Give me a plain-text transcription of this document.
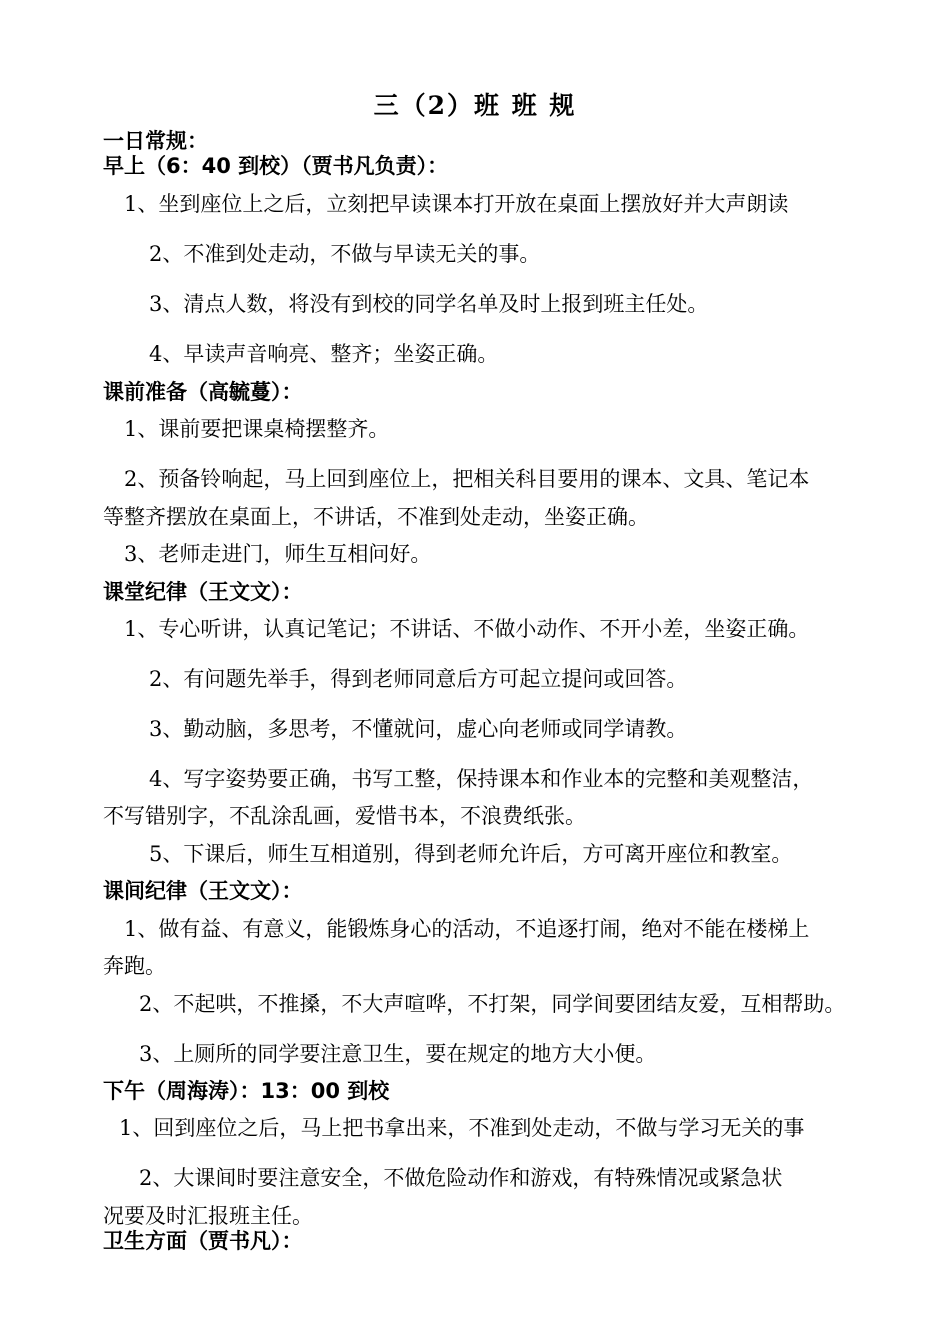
三（2）班 班 规

一日常规：

早上（6：40 到校）（贾书凡负责）：

1、坐到座位上之后，立刻把早读课本打开放在桌面上摆放好并大声朗读

2、不准到处走动，不做与早读无关的事。

3、清点人数，将没有到校的同学名单及时上报到班主任处。

4、早读声音响亮、整齐；坐姿正确。

课前准备（高毓蔓）：

1、课前要把课桌椅摆整齐。

2、预备铃响起，马上回到座位上，把相关科目要用的课本、文具、笔记本

等整齐摆放在桌面上，不讲话，不准到处走动，坐姿正确。

3、老师走进门，师生互相问好。

课堂纪律（王文文）：

1、专心听讲，认真记笔记；不讲话、不做小动作、不开小差，坐姿正确。

2、有问题先举手，得到老师同意后方可起立提问或回答。

3、勤动脑，多思考，不懂就问，虚心向老师或同学请教。

4、写字姿势要正确，书写工整，保持课本和作业本的完整和美观整洁，

不写错别字，不乱涂乱画，爱惜书本，不浪费纸张。

5、下课后，师生互相道别，得到老师允许后，方可离开座位和教室。

课间纪律（王文文）：

1、做有益、有意义，能锻炼身心的活动，不追逐打闹，绝对不能在楼梯上

奔跑。

2、不起哄，不推搡，不大声喧哗，不打架，同学间要团结友爱，互相帮助。

3、上厕所的同学要注意卫生，要在规定的地方大小便。

下午（周海涛）：13：00 到校

1、回到座位之后，马上把书拿出来，不准到处走动，不做与学习无关的事

2、大课间时要注意安全，不做危险动作和游戏，有特殊情况或紧急状

况要及时汇报班主任。

卫生方面（贾书凡）：
